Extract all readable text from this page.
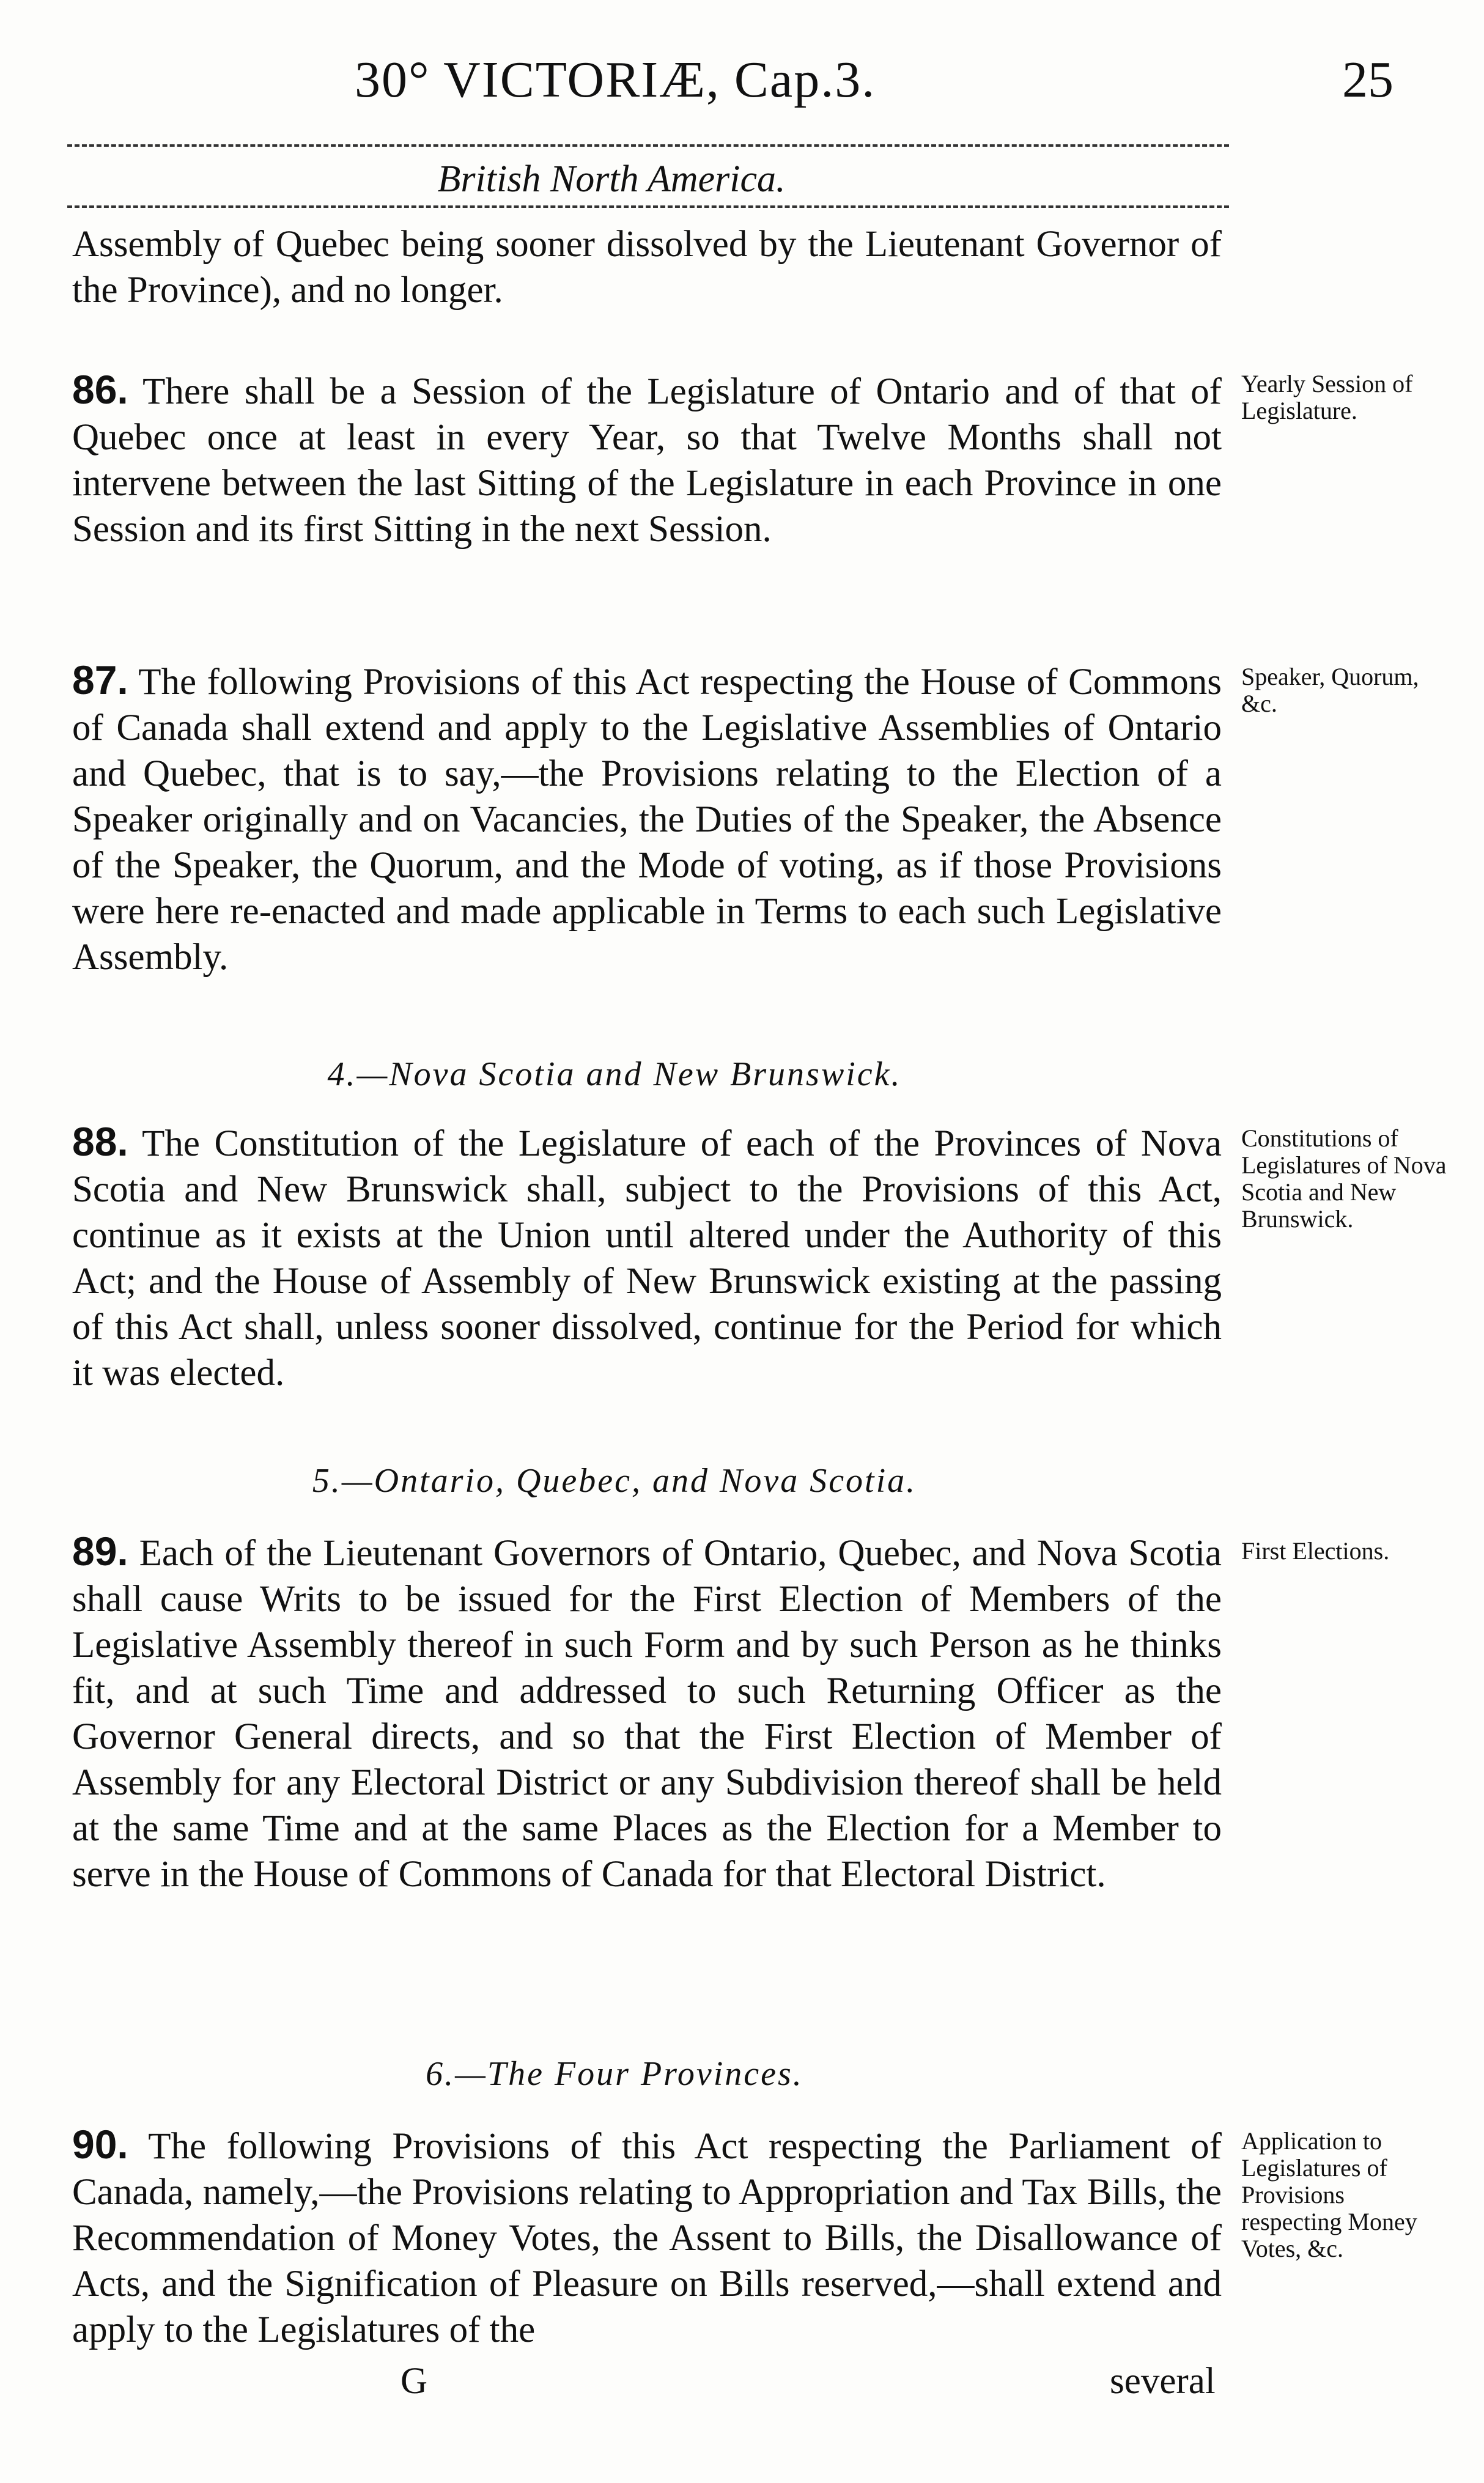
30° VICTORIÆ, Cap.3.	25
British North America.
Assembly of Quebec being sooner dissolved by the Lieutenant Governor of the Province), and no longer.
86. There shall be a Session of the Legislature of Ontario and of that of Quebec once at least in every Year, so that Twelve Months shall not intervene between the last Sitting of the Legislature in each Province in one Session and its first Sitting in the next Session.
Yearly Session of Legislature.
87. The following Provisions of this Act respecting the House of Commons of Canada shall extend and apply to the Legislative Assemblies of Ontario and Quebec, that is to say,—the Provisions relating to the Election of a Speaker originally and on Vacancies, the Duties of the Speaker, the Absence of the Speaker, the Quorum, and the Mode of voting, as if those Provisions were here re-enacted and made applicable in Terms to each such Legislative Assembly.
Speaker, Quorum, &c.
4.—Nova Scotia and New Brunswick.
88. The Constitution of the Legislature of each of the Provinces of Nova Scotia and New Brunswick shall, subject to the Provisions of this Act, continue as it exists at the Union until altered under the Authority of this Act; and the House of Assembly of New Brunswick existing at the passing of this Act shall, unless sooner dissolved, continue for the Period for which it was elected.
Constitutions of Legislatures of Nova Scotia and New Brunswick.
5.—Ontario, Quebec, and Nova Scotia.
89. Each of the Lieutenant Governors of Ontario, Quebec, and Nova Scotia shall cause Writs to be issued for the First Election of Members of the Legislative Assembly thereof in such Form and by such Person as he thinks fit, and at such Time and addressed to such Returning Officer as the Governor General directs, and so that the First Election of Member of Assembly for any Electoral District or any Subdivision thereof shall be held at the same Time and at the same Places as the Election for a Member to serve in the House of Commons of Canada for that Electoral District.
First Elections.
6.—The Four Provinces.
90. The following Provisions of this Act respecting the Parliament of Canada, namely,—the Provisions relating to Appropriation and Tax Bills, the Recommendation of Money Votes, the Assent to Bills, the Disallowance of Acts, and the Signification of Pleasure on Bills reserved,—shall extend and apply to the Legislatures of the
Application to Legislatures of Provisions respecting Money Votes, &c.
G	several
